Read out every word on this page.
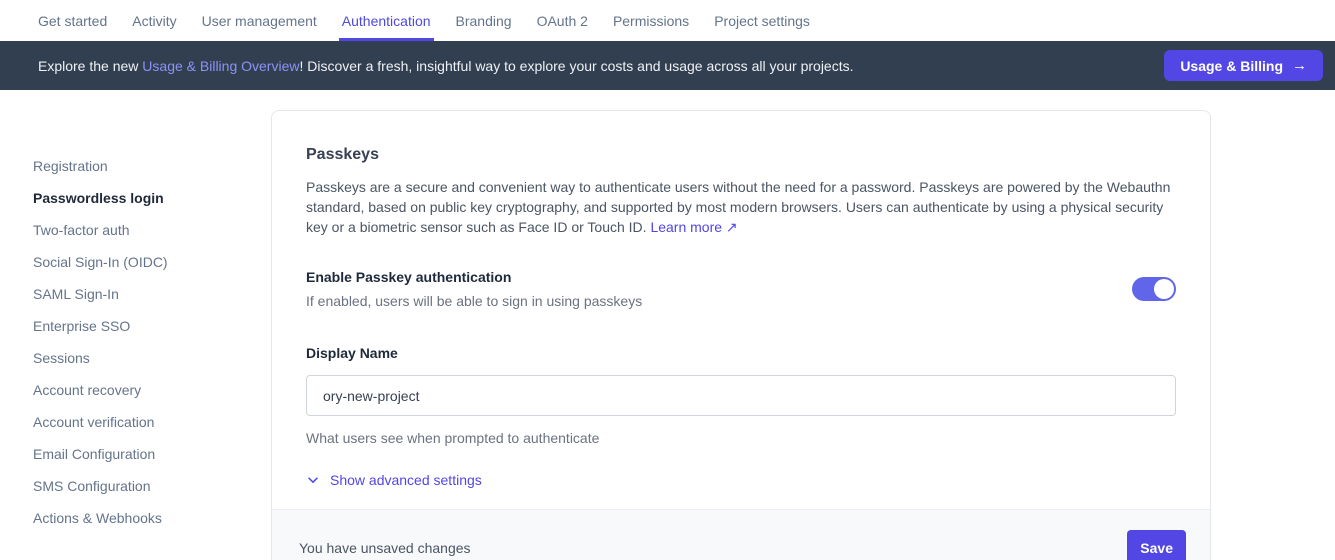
Get started Activity User management Authentication Branding OAuth 2 Permissions Project settings
Explore the new Usage & Billing Overview! Discover a fresh, insightful way to explore your costs and usage across all your projects.	Usage & Billing →
Registration
Passwordless login
Two-factor auth
Social Sign-In (OIDC)
SAML Sign-In
Enterprise SSO
Sessions
Account recovery
Account verification
Email Configuration
SMS Configuration
Actions & Webhooks
Passkeys

Passkeys are a secure and convenient way to authenticate users without the need for a password. Passkeys are powered by the Webauthn standard, based on public key cryptography, and supported by most modern browsers. Users can authenticate by using a physical security key or a biometric sensor such as Face ID or Touch ID. Learn more ↗

Enable Passkey authentication
If enabled, users will be able to sign in using passkeys
Display Name
ory-new-project
What users see when prompted to authenticate
Show advanced settings
You have unsaved changes	Save
